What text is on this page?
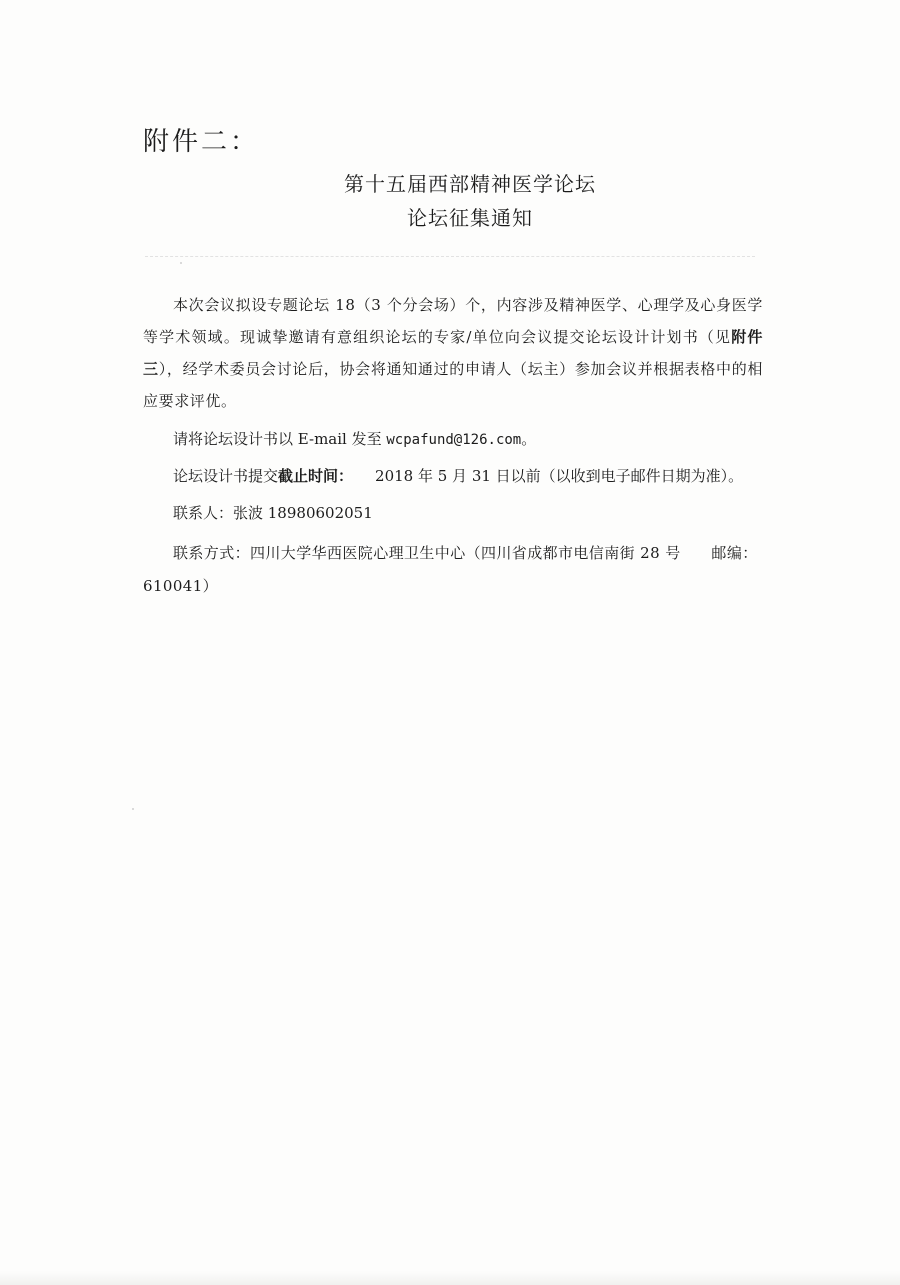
附件二：
第十五届西部精神医学论坛
论坛征集通知
本次会议拟设专题论坛 18（3 个分会场）个，内容涉及精神医学、心理学及心身医学等学术领域。现诚挚邀请有意组织论坛的专家/单位向会议提交论坛设计计划书（见附件三），经学术委员会讨论后，协会将通知通过的申请人（坛主）参加会议并根据表格中的相应要求评优。
请将论坛设计书以 E-mail 发至 wcpafund@126.com。
论坛设计书提交截止时间： 2018 年 5 月 31 日以前（以收到电子邮件日期为准）。
联系人：张波 18980602051
联系方式：四川大学华西医院心理卫生中心（四川省成都市电信南街 28 号　　邮编：610041）
